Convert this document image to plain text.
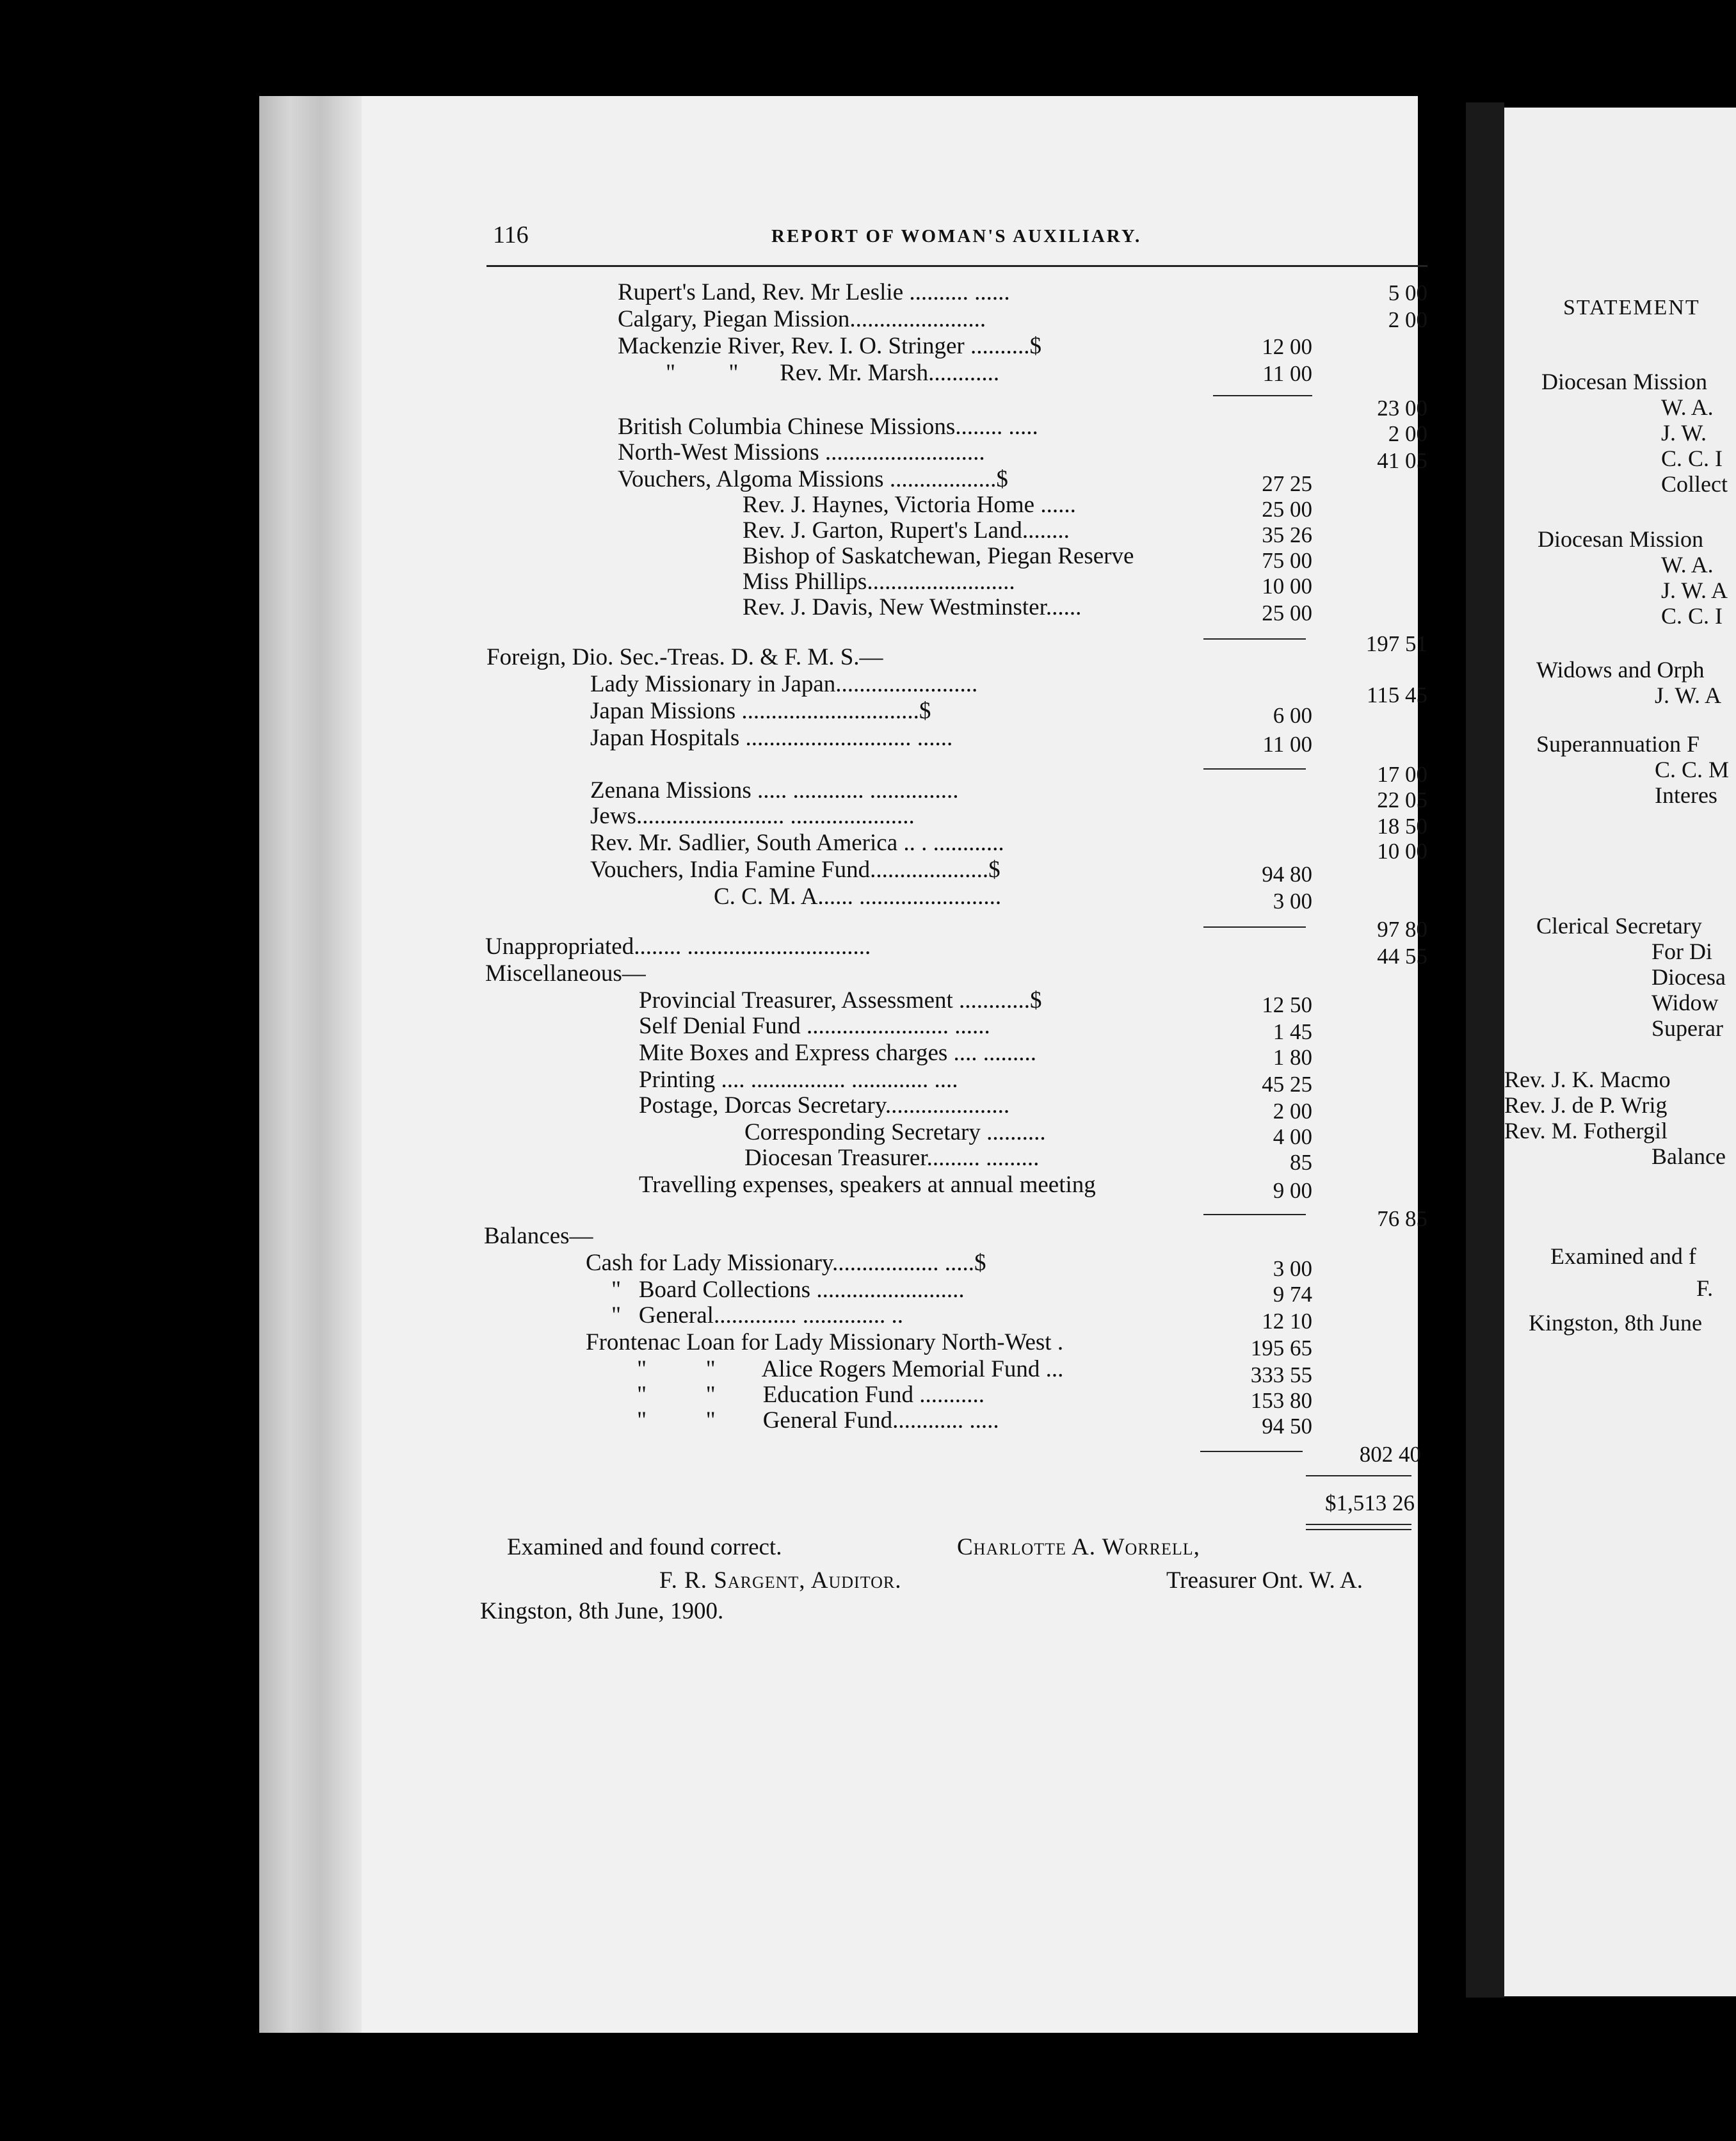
116	REPORT OF WOMAN'S AUXILIARY.
Rupert's Land, Rev. Mr Leslie .......... ......	5 00
Calgary, Piegan Mission.......................	2 00
Mackenzie River, Rev. I. O. Stringer ..........$	12 00
"         "       Rev. Mr. Marsh............	11 00
23 00
British Columbia Chinese Missions........ .....	2 00
North-West Missions ...........................	41 05
Vouchers, Algoma Missions ..................$	27 25
Rev. J. Haynes, Victoria Home ......	25 00
Rev. J. Garton, Rupert's Land........	35 26
Bishop of Saskatchewan, Piegan Reserve	75 00
Miss Phillips.........................	10 00
Rev. J. Davis, New Westminster......	25 00
197 51
Foreign, Dio. Sec.-Treas. D. & F. M. S.—
Lady Missionary in Japan........................	115 45
Japan Missions ..............................$	6 00
Japan Hospitals ............................ ......	11 00
17 00
Zenana Missions ..... ............ ...............	22 05
Jews......................... .....................	18 50
Rev. Mr. Sadlier, South America .. . ............	10 00
Vouchers, India Famine Fund....................$	94 80
C. C. M. A...... ........................	3 00
97 80
Unappropriated........ ...............................	44 55
Miscellaneous—
Provincial Treasurer, Assessment ............$	12 50
Self Denial Fund ........................ ......	1 45
Mite Boxes and Express charges .... .........	1 80
Printing .... ................ ............. ....	45 25
Postage, Dorcas Secretary.....................	2 00
Corresponding Secretary ..........	4 00
Diocesan Treasurer......... .........	85
Travelling expenses, speakers at annual meeting	9 00
76 85
Balances—
Cash for Lady Missionary.................. .....$	3 00
"   Board Collections .........................	9 74
"   General.............. .............. ..	12 10
Frontenac Loan for Lady Missionary North-West .	195 65
"          "        Alice Rogers Memorial Fund ...	333 55
"          "        Education Fund ...........	153 80
"          "        General Fund............ .....	94 50
802 40
$1,513 26
Examined and found correct.	Charlotte A. Worrell,
F. R. Sargent, Auditor.	Treasurer Ont. W. A.
Kingston, 8th June, 1900.
STATEMENT
Diocesan Mission
W. A.
J. W.
C. C. I
Collect
Diocesan Mission
W. A.
J. W. A
C. C. I
Widows and Orph
J. W. A
Superannuation F
C. C. M
Interes
Clerical Secretary
For Di
Diocesa
Widow
Superar
Rev. J. K. Macmo
Rev. J. de P. Wrig
Rev. M. Fothergil
Balance
Examined and f
F.
Kingston, 8th June
